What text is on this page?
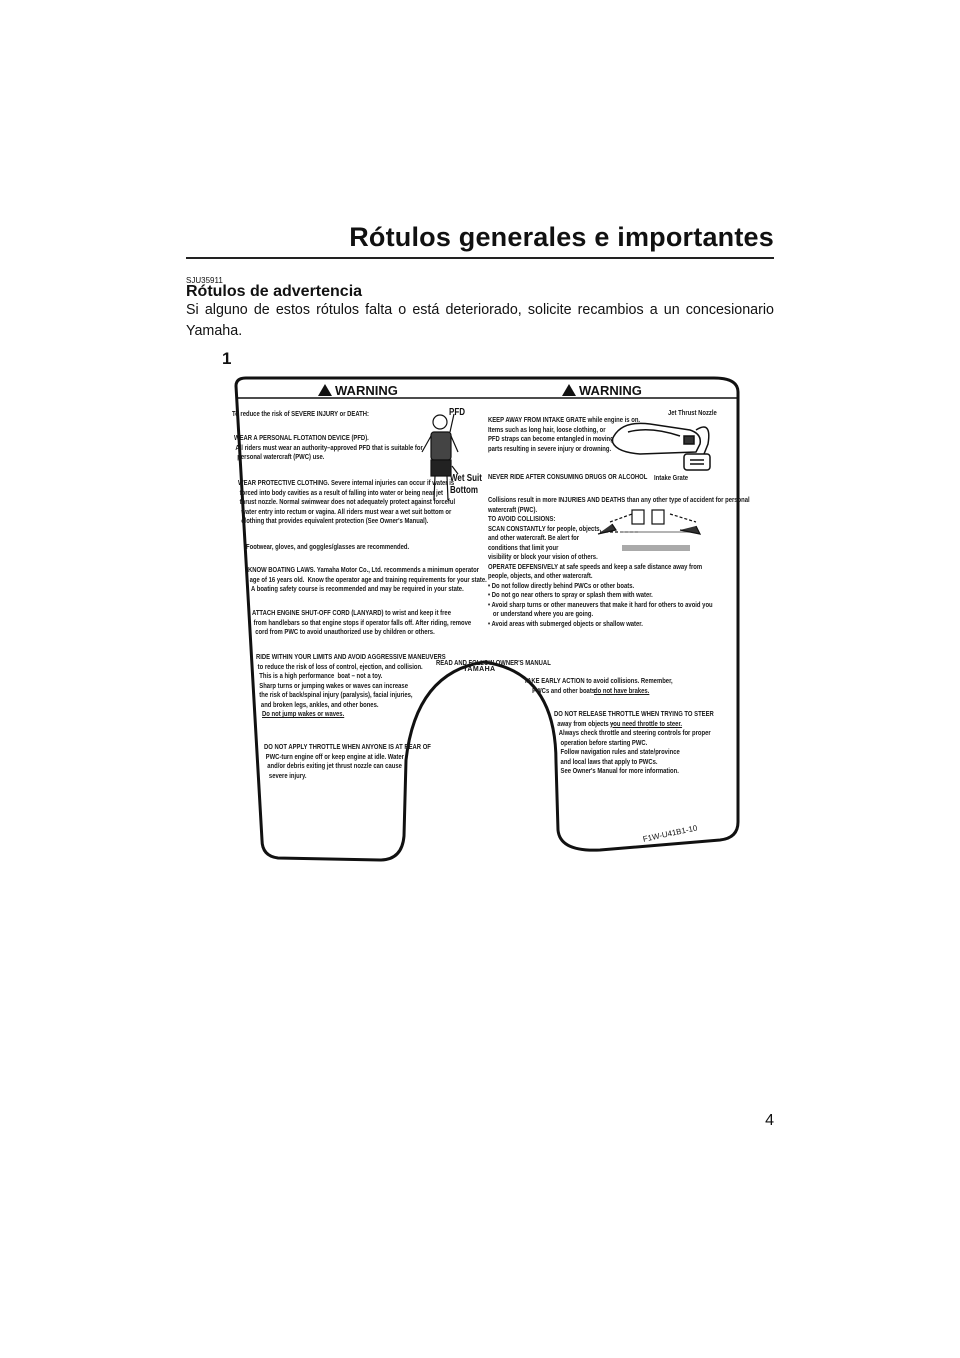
Rótulos generales e importantes
SJU35911
Rótulos de advertencia
Si alguno de estos rótulos falta o está deteriorado, solicite recambios a un concesionario Yamaha.
1
WARNING	WARNING
To reduce the risk of SEVERE INJURY or DEATH:	PFD
Wet Suit
Bottom
WEAR A PERSONAL FLOTATION DEVICE (PFD).
All riders must wear an authority–approved PFD that is suitable for
personal watercraft (PWC) use.
WEAR PROTECTIVE CLOTHING. Severe internal injuries can occur if water is
forced into body cavities as a result of falling into water or being near jet
thrust nozzle. Normal swimwear does not adequately protect against forceful
water entry into rectum or vagina. All riders must wear a wet suit bottom or
clothing that provides equivalent protection (See Owner's Manual).
Footwear, gloves, and goggles/glasses are recommended.
KNOW BOATING LAWS. Yamaha Motor Co., Ltd. recommends a minimum operator
age of 16 years old.  Know the operator age and training requirements for your state.
A boating safety course is recommended and may be required in your state.
ATTACH ENGINE SHUT-OFF CORD (LANYARD) to wrist and keep it free
from handlebars so that engine stops if operator falls off. After riding, remove
cord from PWC to avoid unauthorized use by children or others.
RIDE WITHIN YOUR LIMITS AND AVOID AGGRESSIVE MANEUVERS
to reduce the risk of loss of control, ejection, and collision.
This is a high performance  boat – not a toy.
Sharp turns or jumping wakes or waves can increase
the risk of back/spinal injury (paralysis), facial injuries,
and broken legs, ankles, and other bones.
Do not jump wakes or waves.
DO NOT APPLY THROTTLE WHEN ANYONE IS AT REAR OF
PWC-turn engine off or keep engine at idle. Water
and/or debris exiting jet thrust nozzle can cause
severe injury.
KEEP AWAY FROM INTAKE GRATE while engine is on.
Items such as long hair, loose clothing, or
PFD straps can become entangled in moving
parts resulting in severe injury or drowning.
Jet Thrust Nozzle
Intake Grate
NEVER RIDE AFTER CONSUMING DRUGS OR ALCOHOL
Collisions result in more INJURIES AND DEATHS than any other type of accident for personal
watercraft (PWC).
TO AVOID COLLISIONS:
SCAN CONSTANTLY for people, objects,
and other watercraft. Be alert for
conditions that limit your
visibility or block your vision of others.
OPERATE DEFENSIVELY at safe speeds and keep a safe distance away from
people, objects, and other watercraft.
• Do not follow directly behind PWCs or other boats.
• Do not go near others to spray or splash them with water.
• Avoid sharp turns or other maneuvers that make it hard for others to avoid you
or understand where you are going.
• Avoid areas with submerged objects or shallow water.
READ AND FOLLOW OWNER'S MANUAL
YAMAHA
TAKE EARLY ACTION to avoid collisions. Remember,
PWCs and other boats
do not have brakes.
DO NOT RELEASE THROTTLE WHEN TRYING TO STEER
away from objects –
you need throttle to steer.
Always check throttle and steering controls for proper
operation before starting PWC.
Follow navigation rules and state/province
and local laws that apply to PWCs.
See Owner's Manual for more information.
F1W-U41B1-10
4
